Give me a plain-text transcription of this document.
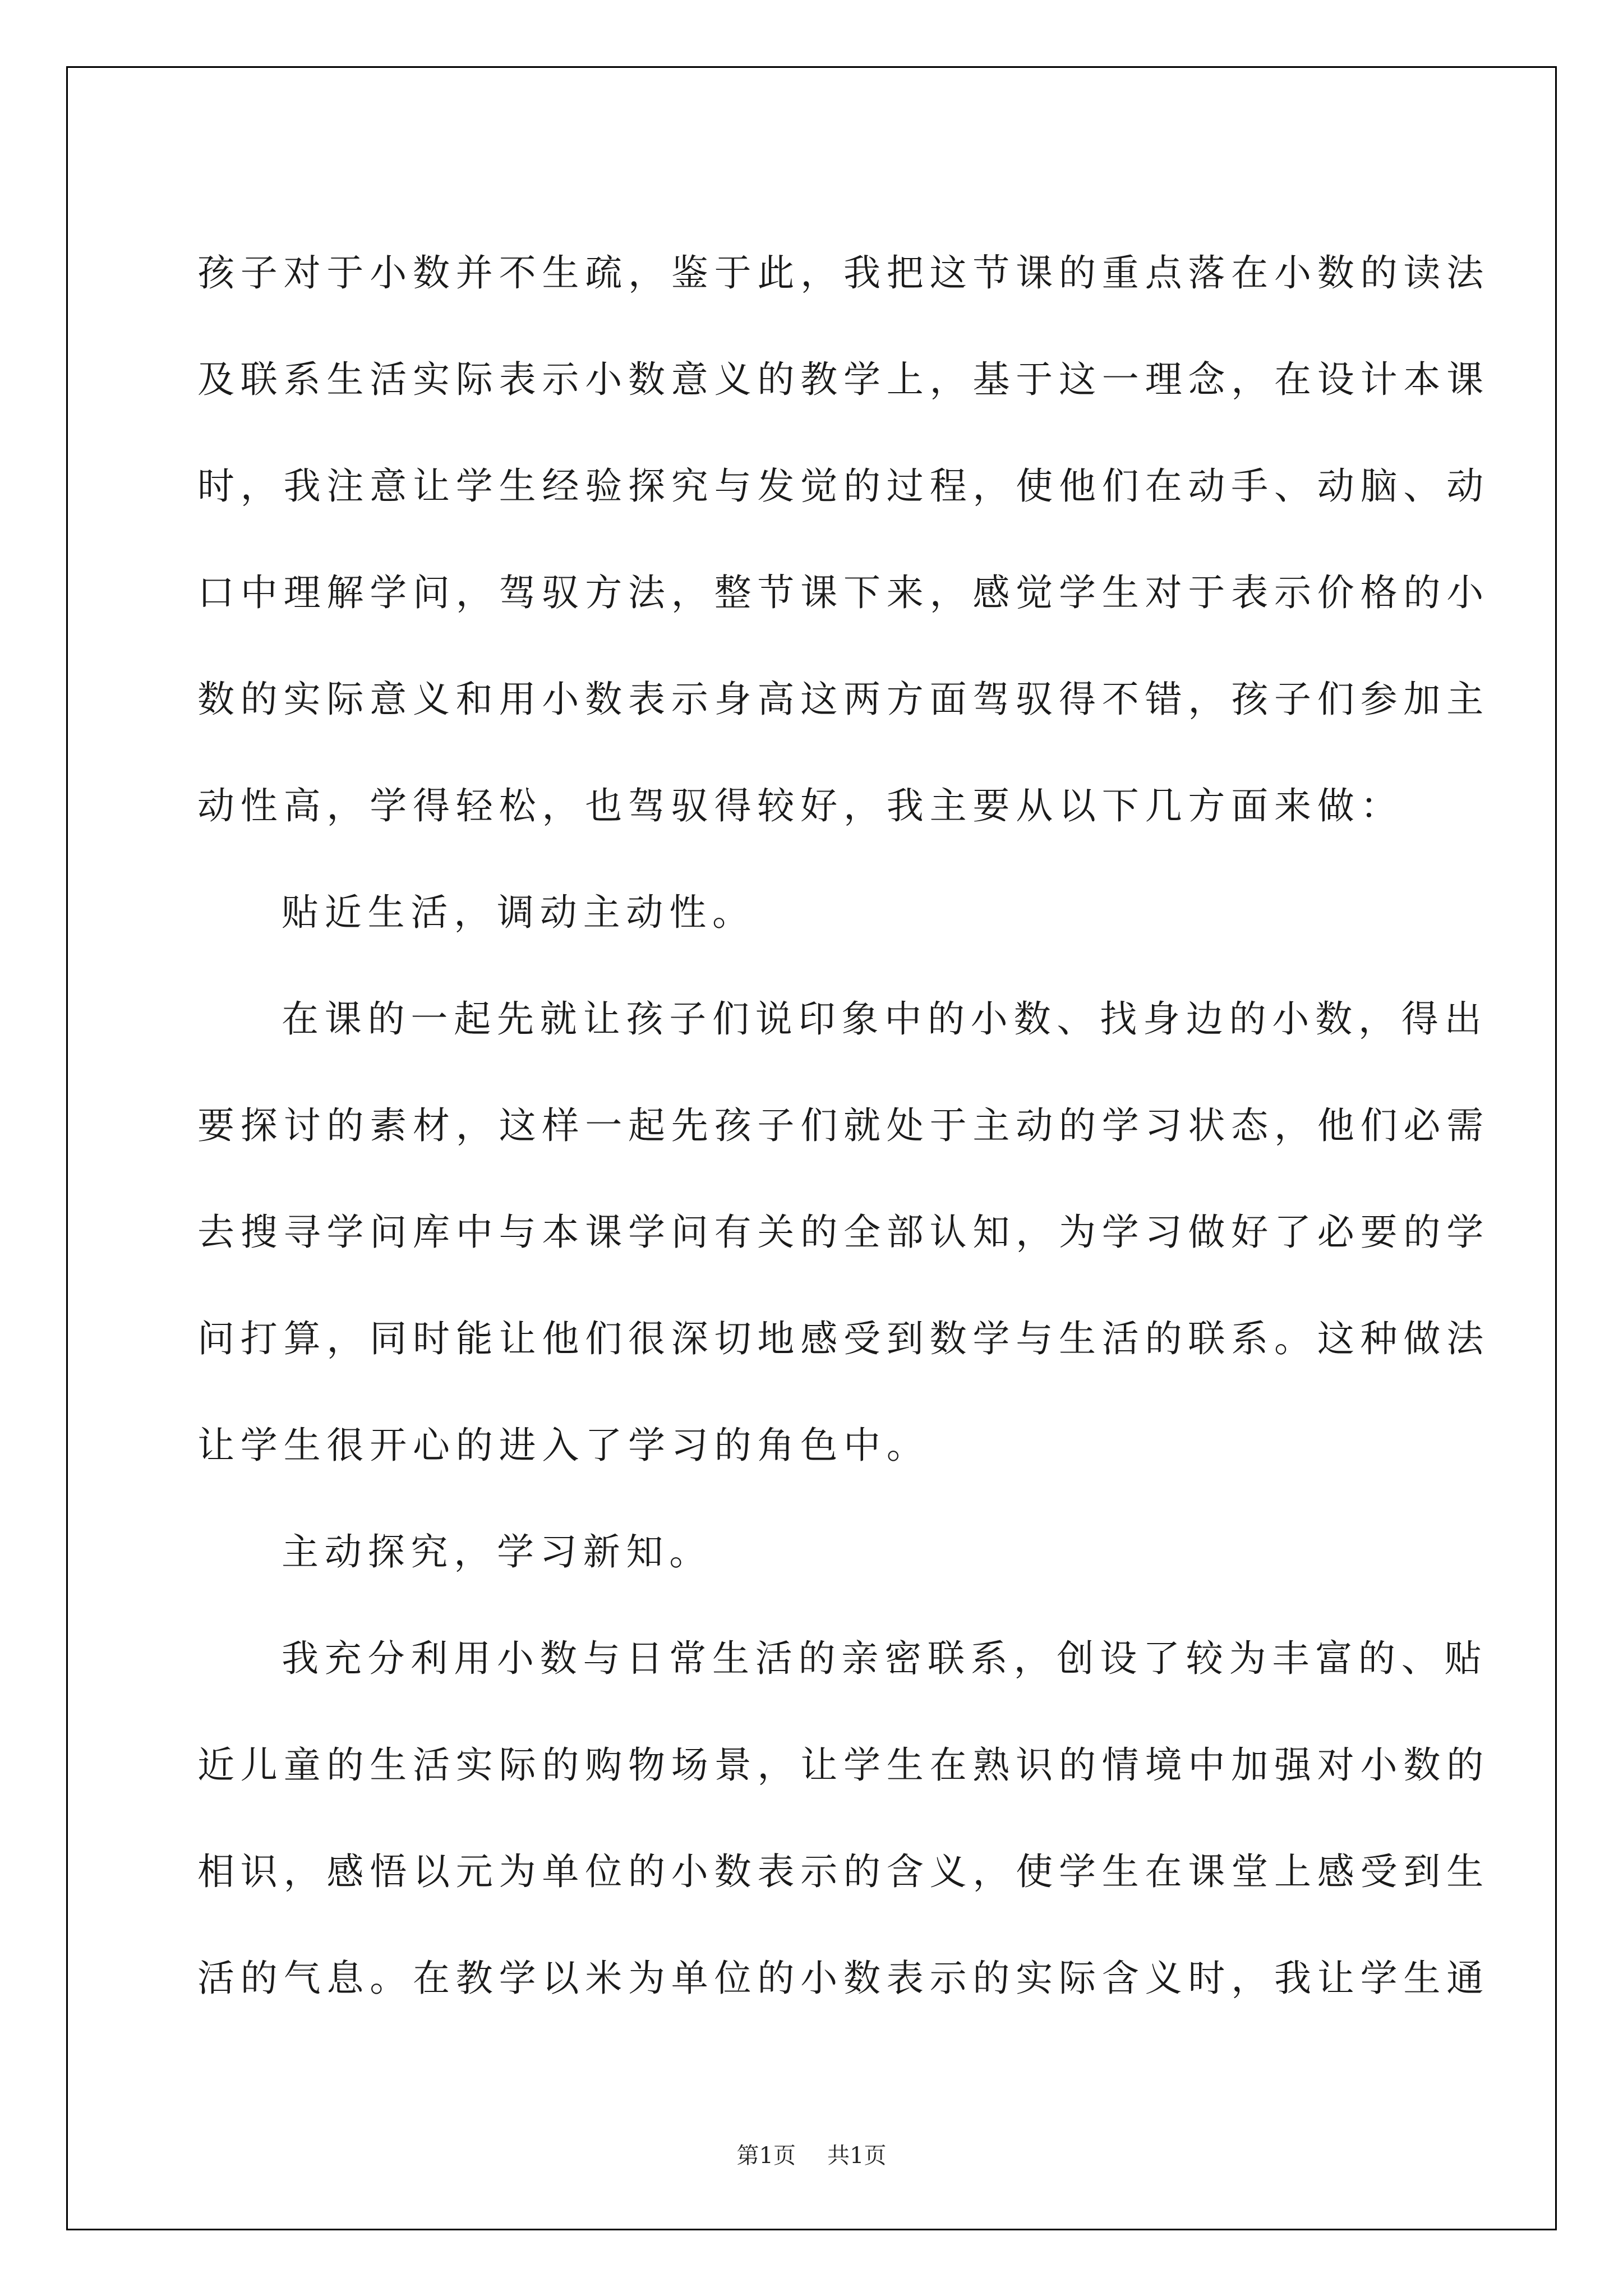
孩子对于小数并不生疏，鉴于此，我把这节课的重点落在小数的读法
及联系生活实际表示小数意义的教学上，基于这一理念，在设计本课
时，我注意让学生经验探究与发觉的过程，使他们在动手、动脑、动
口中理解学问，驾驭方法，整节课下来，感觉学生对于表示价格的小
数的实际意义和用小数表示身高这两方面驾驭得不错，孩子们参加主
动性高，学得轻松，也驾驭得较好，我主要从以下几方面来做：
贴近生活，调动主动性。
在课的一起先就让孩子们说印象中的小数、找身边的小数，得出
要探讨的素材，这样一起先孩子们就处于主动的学习状态，他们必需
去搜寻学问库中与本课学问有关的全部认知，为学习做好了必要的学
问打算，同时能让他们很深切地感受到数学与生活的联系。这种做法
让学生很开心的进入了学习的角色中。
主动探究，学习新知。
我充分利用小数与日常生活的亲密联系，创设了较为丰富的、贴
近儿童的生活实际的购物场景，让学生在熟识的情境中加强对小数的
相识，感悟以元为单位的小数表示的含义，使学生在课堂上感受到生
活的气息。在教学以米为单位的小数表示的实际含义时，我让学生通
第1页 共1页
